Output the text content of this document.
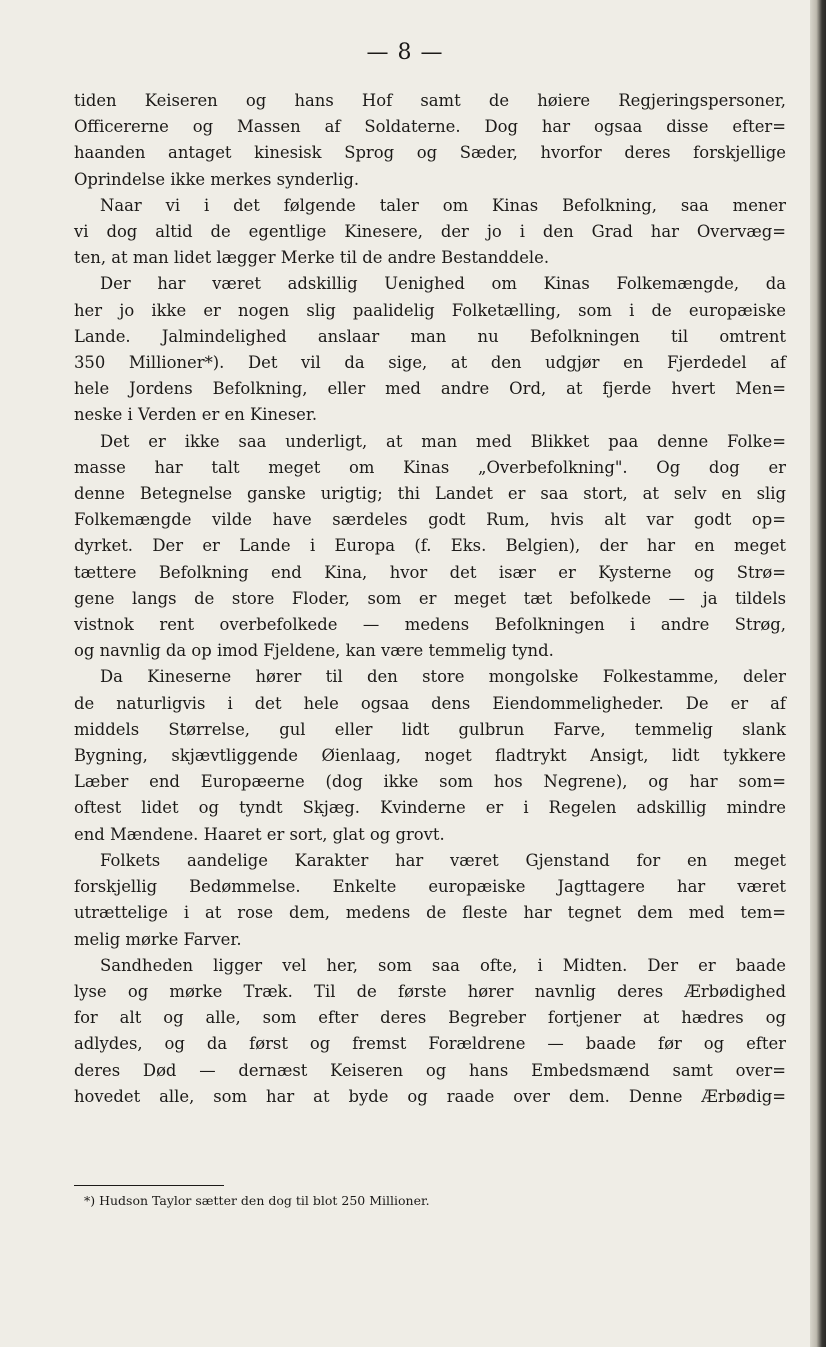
— 8 —

tiden Keiseren og hans Hof samt de høiere Regjeringspersoner,
Officererne og Massen af Soldaterne. Dog har ogsaa disse efter=
haanden antaget kinesisk Sprog og Sæder, hvorfor deres forskjellige
Oprindelse ikke merkes synderlig.

Naar vi i det følgende taler om Kinas Befolkning, saa mener
vi dog altid de egentlige Kinesere, der jo i den Grad har Overvæg=
ten, at man lidet lægger Merke til de andre Bestanddele.

Der har været adskillig Uenighed om Kinas Folkemængde, da
her jo ikke er nogen slig paalidelig Folketælling, som i de europæiske
Lande. Jalmindelighed anslaar man nu Befolkningen til omtrent
350 Millioner*). Det vil da sige, at den udgjør en Fjerdedel af
hele Jordens Befolkning, eller med andre Ord, at fjerde hvert Men=
neske i Verden er en Kineser.

Det er ikke saa underligt, at man med Blikket paa denne Folke=
masse har talt meget om Kinas „Overbefolkning". Og dog er
denne Betegnelse ganske urigtig; thi Landet er saa stort, at selv en slig
Folkemængde vilde have særdeles godt Rum, hvis alt var godt op=
dyrket. Der er Lande i Europa (f. Eks. Belgien), der har en meget
tættere Befolkning end Kina, hvor det især er Kysterne og Strø=
gene langs de store Floder, som er meget tæt befolkede — ja tildels
vistnok rent overbefolkede — medens Befolkningen i andre Strøg,
og navnlig da op imod Fjeldene, kan være temmelig tynd.

Da Kineserne hører til den store mongolske Folkestamme, deler
de naturligvis i det hele ogsaa dens Eiendommeligheder. De er af
middels Størrelse, gul eller lidt gulbrun Farve, temmelig slank
Bygning, skjævtliggende Øienlaag, noget fladtrykt Ansigt, lidt tykkere
Læber end Europæerne (dog ikke som hos Negrene), og har som=
oftest lidet og tyndt Skjæg. Kvinderne er i Regelen adskillig mindre
end Mændene. Haaret er sort, glat og grovt.

Folkets aandelige Karakter har været Gjenstand for en meget
forskjellig Bedømmelse. Enkelte europæiske Jagttagere har været
utrættelige i at rose dem, medens de fleste har tegnet dem med tem=
melig mørke Farver.

Sandheden ligger vel her, som saa ofte, i Midten. Der er baade
lyse og mørke Træk. Til de første hører navnlig deres Ærbødighed
for alt og alle, som efter deres Begreber fortjener at hædres og
adlydes, og da først og fremst Forældrene — baade før og efter
deres Død — dernæst Keiseren og hans Embedsmænd samt over=
hovedet alle, som har at byde og raade over dem. Denne Ærbødig=

*) Hudson Taylor sætter den dog til blot 250 Millioner.
